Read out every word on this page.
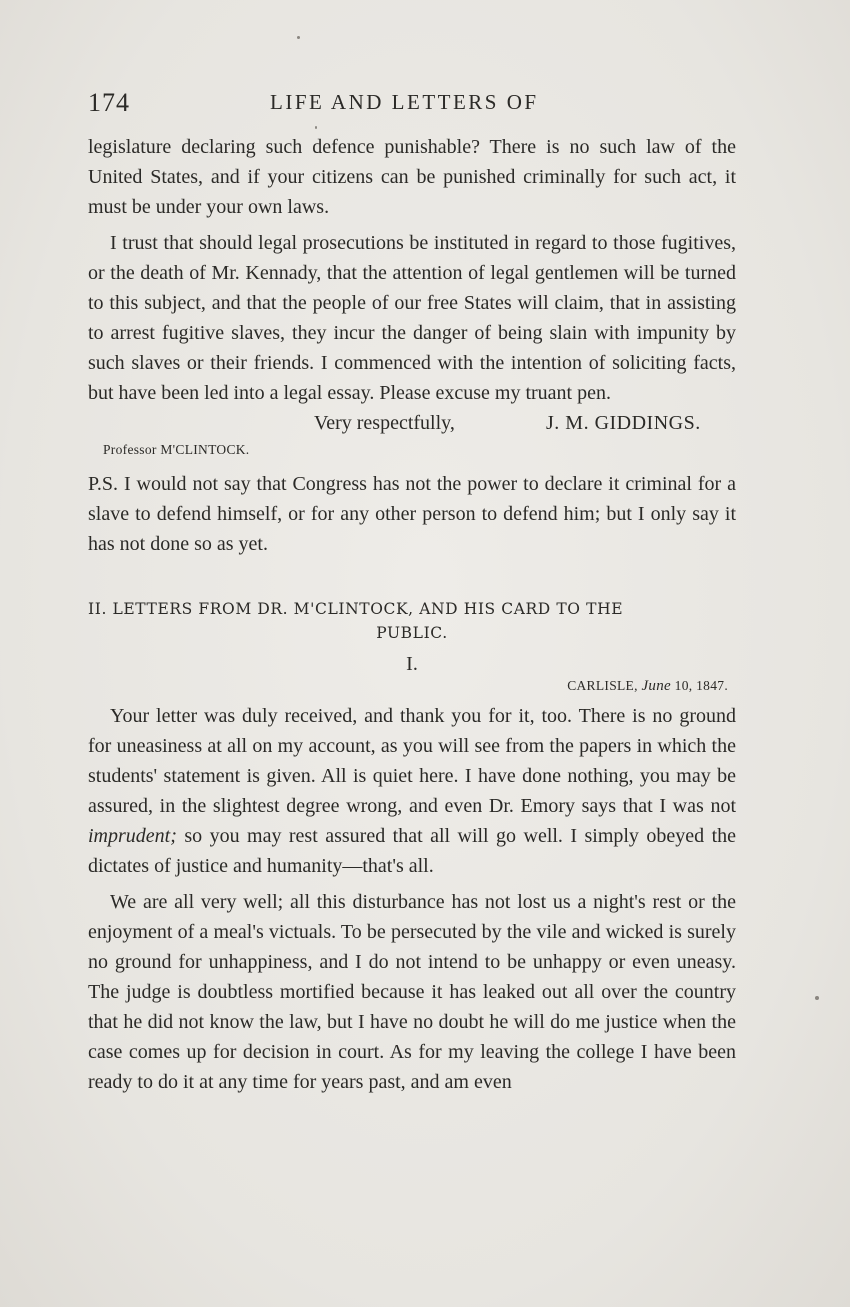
174	LIFE AND LETTERS OF

legislature declaring such defence punishable? There is no such law of the United States, and if your citizens can be punished criminally for such act, it must be under your own laws.

I trust that should legal prosecutions be instituted in regard to those fugitives, or the death of Mr. Kennady, that the attention of legal gentlemen will be turned to this subject, and that the people of our free States will claim, that in assisting to arrest fugitive slaves, they incur the danger of being slain with impunity by such slaves or their friends. I commenced with the intention of soliciting facts, but have been led into a legal essay. Please excuse my truant pen.

Very respectfully,	J. M. GIDDINGS.
Professor M'CLINTOCK.

P.S. I would not say that Congress has not the power to declare it criminal for a slave to defend himself, or for any other person to defend him; but I only say it has not done so as yet.

II. LETTERS FROM DR. M'CLINTOCK, AND HIS CARD TO THE
PUBLIC.
I.
CARLISLE, June 10, 1847.

Your letter was duly received, and thank you for it, too. There is no ground for uneasiness at all on my account, as you will see from the papers in which the students' statement is given. All is quiet here. I have done nothing, you may be assured, in the slightest degree wrong, and even Dr. Emory says that I was not imprudent; so you may rest assured that all will go well. I simply obeyed the dictates of justice and humanity—that's all.

We are all very well; all this disturbance has not lost us a night's rest or the enjoyment of a meal's victuals. To be persecuted by the vile and wicked is surely no ground for unhappiness, and I do not intend to be unhappy or even uneasy. The judge is doubtless mortified because it has leaked out all over the country that he did not know the law, but I have no doubt he will do me justice when the case comes up for decision in court. As for my leaving the college I have been ready to do it at any time for years past, and am even
